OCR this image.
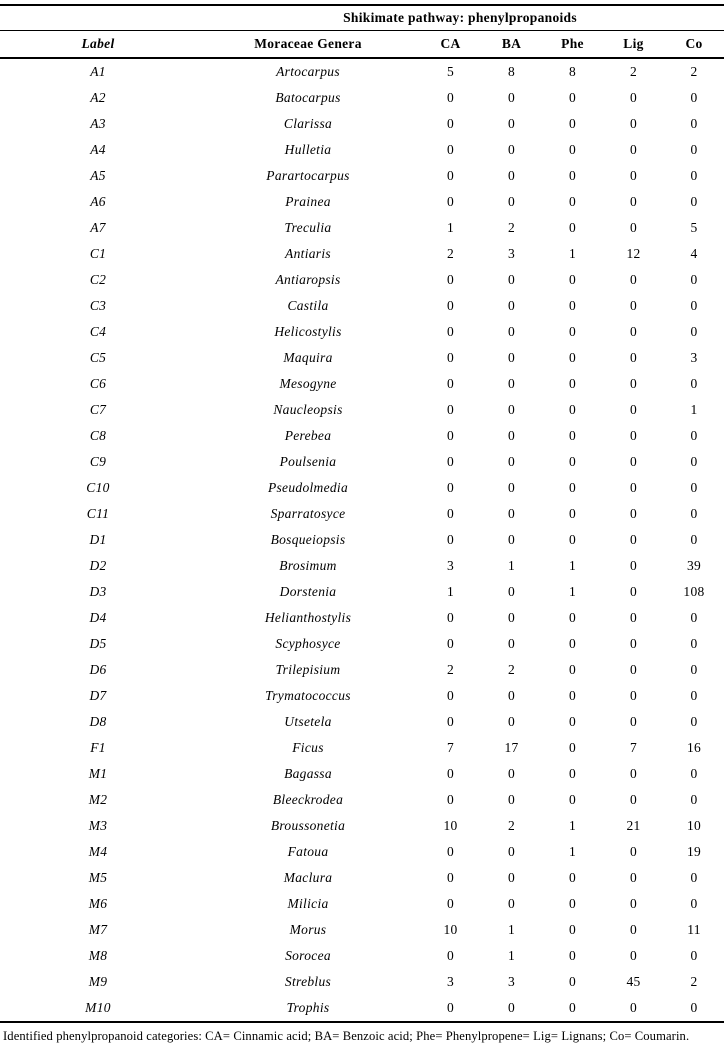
	Shikimate pathway: phenylpropanoids					
Label	Moraceae Genera	CA	BA	Phe	Lig	Co
A1	Artocarpus	5	8	8	2	2
A2	Batocarpus	0	0	0	0	0
A3	Clarissa	0	0	0	0	0
A4	Hulletia	0	0	0	0	0
A5	Parartocarpus	0	0	0	0	0
A6	Prainea	0	0	0	0	0
A7	Treculia	1	2	0	0	5
C1	Antiaris	2	3	1	12	4
C2	Antiaropsis	0	0	0	0	0
C3	Castila	0	0	0	0	0
C4	Helicostylis	0	0	0	0	0
C5	Maquira	0	0	0	0	3
C6	Mesogyne	0	0	0	0	0
C7	Naucleopsis	0	0	0	0	1
C8	Perebea	0	0	0	0	0
C9	Poulsenia	0	0	0	0	0
C10	Pseudolmedia	0	0	0	0	0
C11	Sparratosyce	0	0	0	0	0
D1	Bosqueiopsis	0	0	0	0	0
D2	Brosimum	3	1	1	0	39
D3	Dorstenia	1	0	1	0	108
D4	Helianthostylis	0	0	0	0	0
D5	Scyphosyce	0	0	0	0	0
D6	Trilepisium	2	2	0	0	0
D7	Trymatococcus	0	0	0	0	0
D8	Utsetela	0	0	0	0	0
F1	Ficus	7	17	0	7	16
M1	Bagassa	0	0	0	0	0
M2	Bleeckrodea	0	0	0	0	0
M3	Broussonetia	10	2	1	21	10
M4	Fatoua	0	0	1	0	19
M5	Maclura	0	0	0	0	0
M6	Milicia	0	0	0	0	0
M7	Morus	10	1	0	0	11
M8	Sorocea	0	1	0	0	0
M9	Streblus	3	3	0	45	2
M10	Trophis	0	0	0	0	0
Identified phenylpropanoid categories: CA= Cinnamic acid; BA= Benzoic acid; Phe= Phenylpropene= Lig= Lignans; Co= Coumarin.
